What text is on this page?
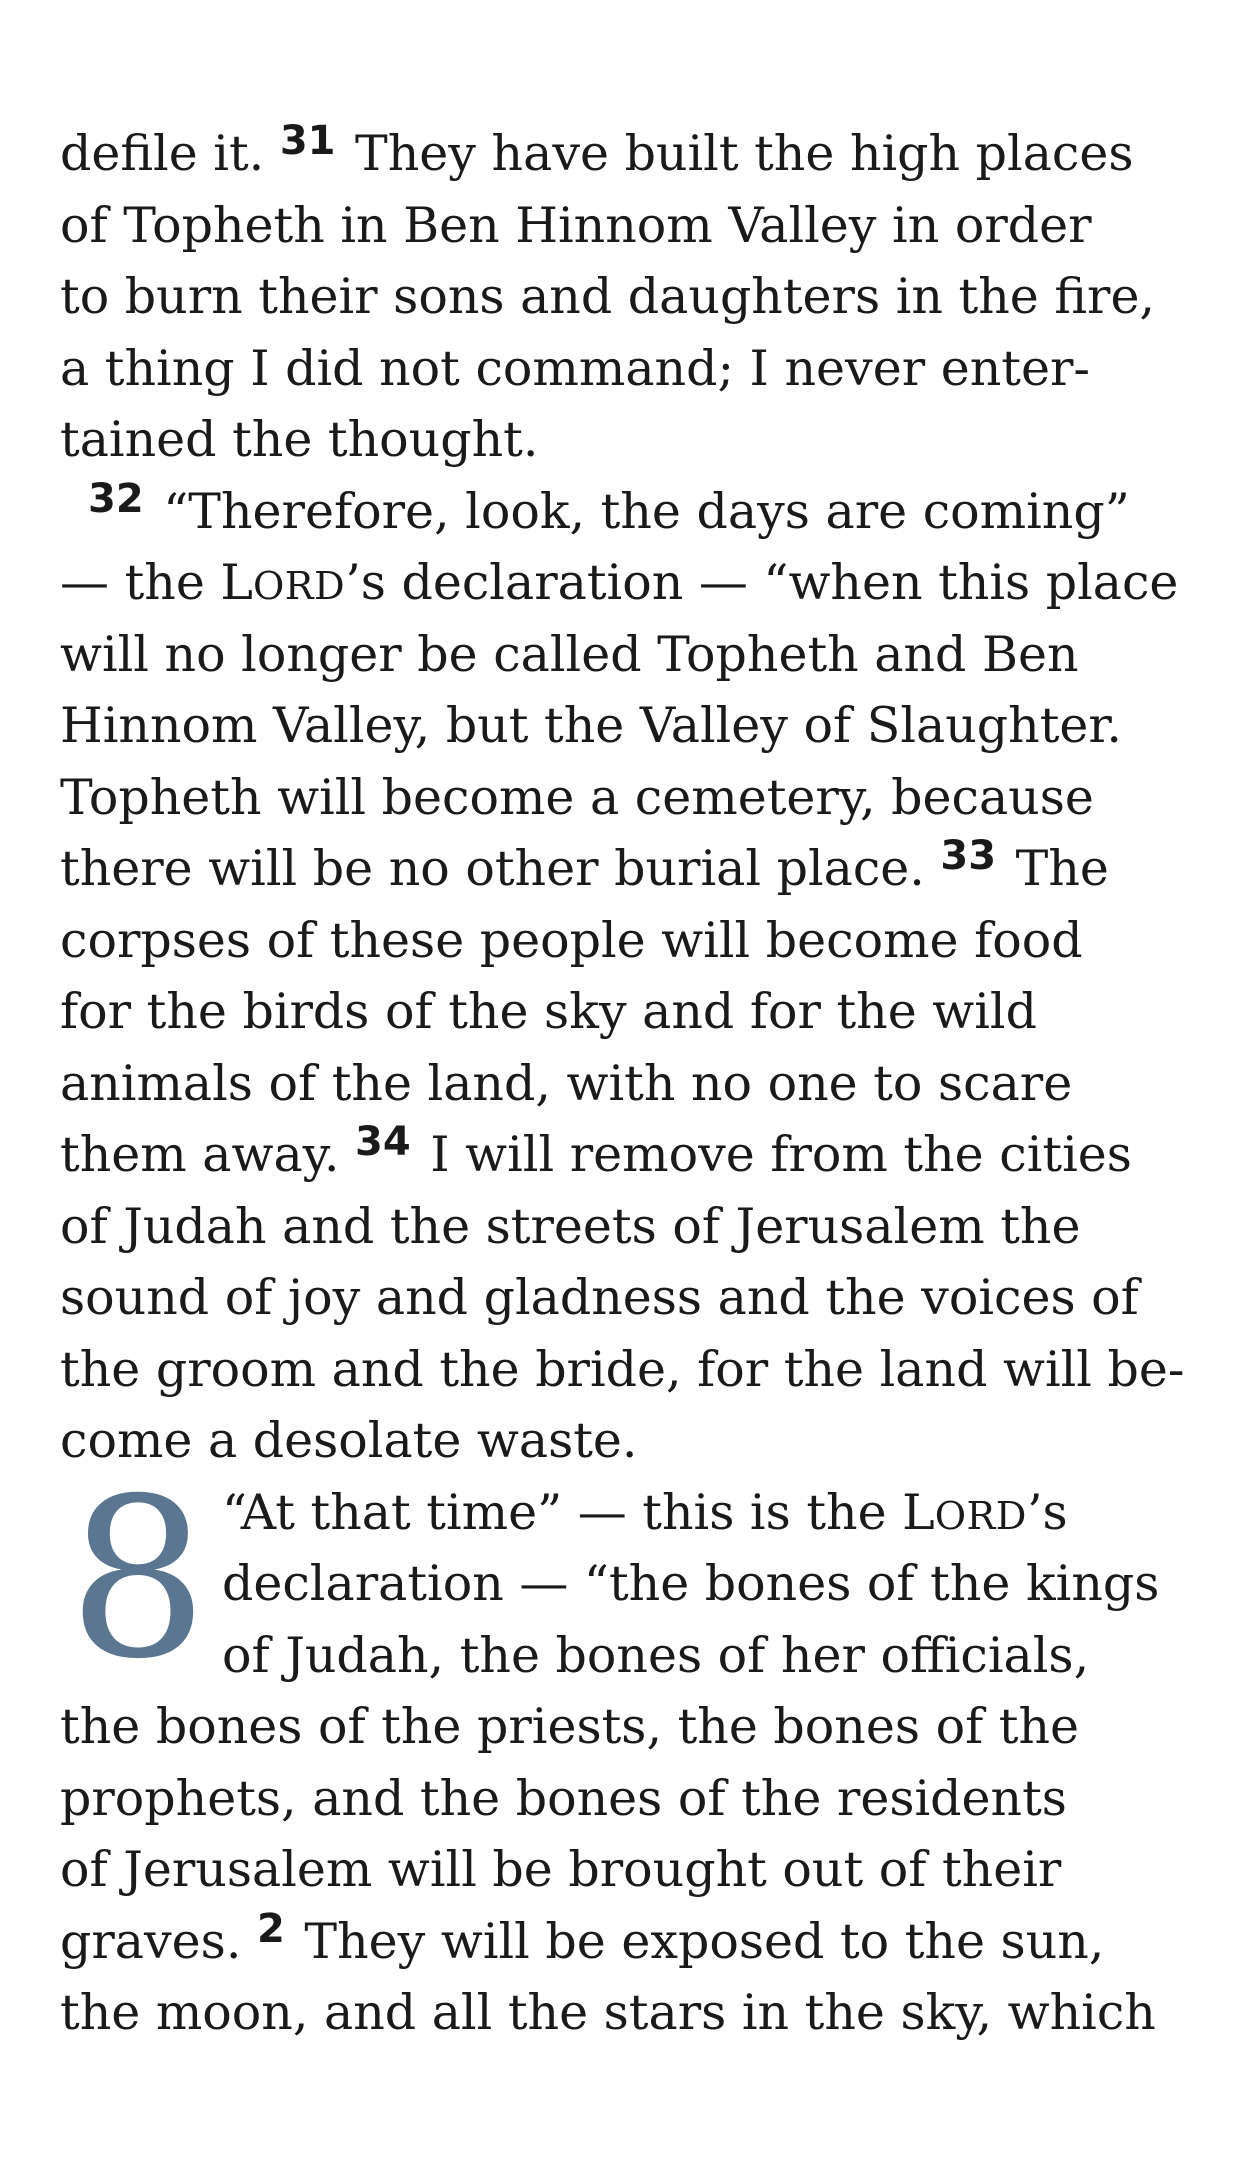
defile it. $^{31}$ They have built the high places
of Topheth in Ben Hinnom Valley in order
to burn their sons and daughters in the fire,
a thing I did not command; I never enter-
tained the thought.
$^{32}$ “Therefore, look, the days are coming”
— the LORD’s declaration — “when this place
will no longer be called Topheth and Ben
Hinnom Valley, but the Valley of Slaughter.
Topheth will become a cemetery, because
there will be no other burial place. $^{33}$ The
corpses of these people will become food
for the birds of the sky and for the wild
animals of the land, with no one to scare
them away. $^{34}$ I will remove from the cities
of Judah and the streets of Jerusalem the
sound of joy and gladness and the voices of
the groom and the bride, for the land will be-
come a desolate waste.
8 “At that time” — this is the LORD’s
declaration — “the bones of the kings
of Judah, the bones of her officials,
the bones of the priests, the bones of the
prophets, and the bones of the residents
of Jerusalem will be brought out of their
graves. $^2$ They will be exposed to the sun,
the moon, and all the stars in the sky, which
